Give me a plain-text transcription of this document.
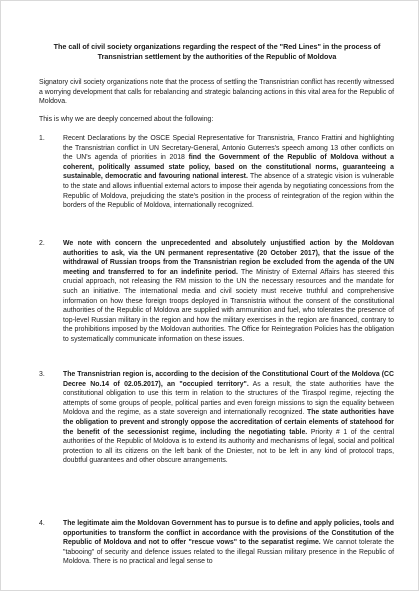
The call of civil society organizations regarding the respect of the "Red Lines" in the process of Transnistrian settlement by the authorities of the Republic of Moldova

Signatory civil society organizations note that the process of settling the Transnistrian conflict has recently witnessed a worrying development that calls for rebalancing and strategic balancing actions in this vital area for the Republic of Moldova.

This is why we are deeply concerned about the following:

1.	Recent Declarations by the OSCE Special Representative for Transnistria, Franco Frattini and highlighting the Transnistrian conflict in UN Secretary-General, Antonio Guterres's speech among 13 other conflicts on the UN's agenda of priorities in 2018 find the Government of the Republic of Moldova without a coherent, politically assumed state policy, based on the constitutional norms, guaranteeing a sustainable, democratic and favouring national interest. The absence of a strategic vision is vulnerable to the state and allows influential external actors to impose their agenda by negotiating concessions from the Republic of Moldova, prejudicing the state's position in the process of reintegration of the region within the borders of the Republic of Moldova, internationally recognized.
2.	We note with concern the unprecedented and absolutely unjustified action by the Moldovan authorities to ask, via the UN permanent representative (20 October 2017), that the issue of the withdrawal of Russian troops from the Transnistrian region be excluded from the agenda of the UN meeting and transferred to for an indefinite period. The Ministry of External Affairs has steered this crucial approach, not releasing the RM mission to the UN the necessary resources and the mandate for such an initiative. The international media and civil society must receive truthful and comprehensive information on how these foreign troops deployed in Transnistria without the consent of the constitutional authorities of the Republic of Moldova are supplied with ammunition and fuel, who tolerates the presence of top-level Russian military in the region and how the military exercises in the region are financed, contrary to the prohibitions imposed by the Moldovan authorities. The Office for Reintegration Policies has the obligation to systematically communicate information on these issues.
3.	The Transnistrian region is, according to the decision of the Constitutional Court of the Moldova (CC Decree No.14 of 02.05.2017), an "occupied territory". As a result, the state authorities have the constitutional obligation to use this term in relation to the structures of the Tiraspol regime, rejecting the attempts of some groups of people, political parties and even foreign missions to sign the equality between Moldova and the regime, as a state sovereign and internationally recognized. The state authorities have the obligation to prevent and strongly oppose the accreditation of certain elements of statehood for the benefit of the secessionist regime, including the negotiating table. Priority # 1 of the central authorities of the Republic of Moldova is to extend its authority and mechanisms of legal, social and political protection to all its citizens on the left bank of the Dniester, not to be left in any kind of protocol traps, doubtful guarantees and other obscure arrangements.
4.	The legitimate aim the Moldovan Government has to pursue is to define and apply policies, tools and opportunities to transform the conflict in accordance with the provisions of the Constitution of the Republic of Moldova and not to offer "rescue vows" to the separatist regime. We cannot tolerate the "tabooing" of security and defence issues related to the illegal Russian military presence in the Republic of Moldova. There is no practical and legal sense to
